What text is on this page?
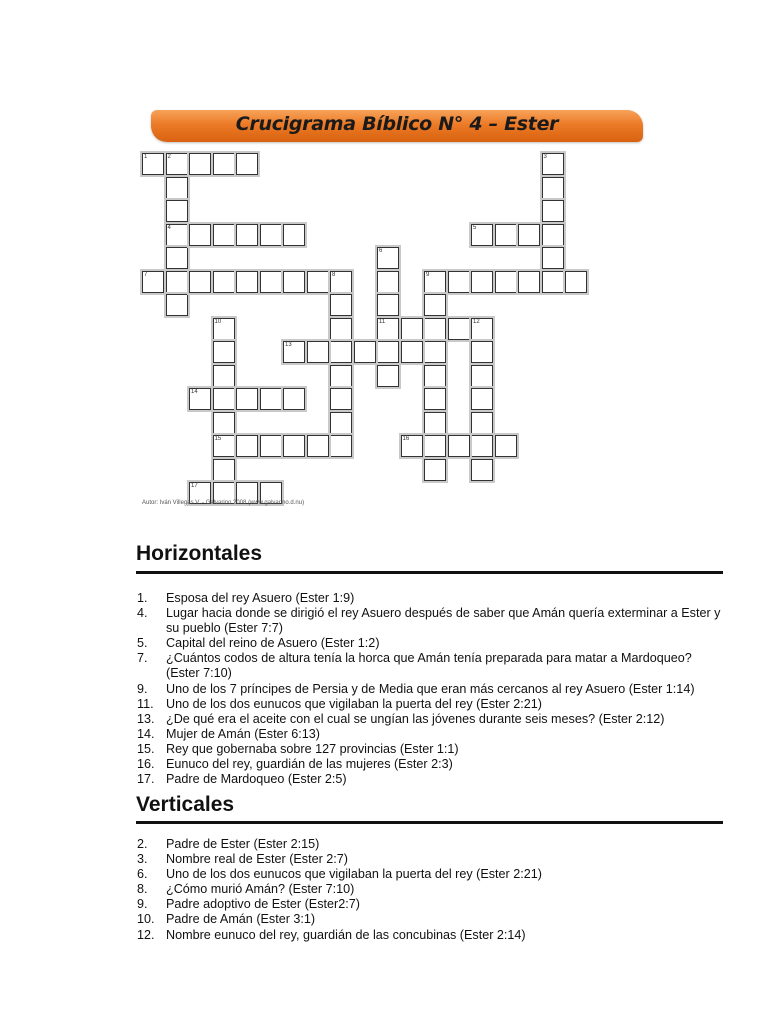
Crucigrama Bíblico N° 4 – Ester
1	2
4
3
5
6
11
7	8	9
10
15
12
13
14
16
17
Autor: Iván Villegas V. - Galvarino 2008 (www.galvarino.d.nu)
Horizontales
1.	Esposa del rey Asuero (Ester 1:9)
4.	Lugar hacia donde se dirigió el rey Asuero después de saber que Amán quería exterminar a Ester y su pueblo (Ester 7:7)
5.	Capital del reino de Asuero (Ester 1:2)
7.	¿Cuántos codos de altura tenía la horca que Amán tenía preparada para matar a Mardoqueo? (Ester 7:10)
9.	Uno de los 7 príncipes de Persia y de Media que eran más cercanos al rey Asuero (Ester 1:14)
11. Uno de los dos eunucos que vigilaban la puerta del rey (Ester 2:21)
13. ¿De qué era el aceite con el cual se ungían las jóvenes durante seis meses? (Ester 2:12)
14. Mujer de Amán (Ester 6:13)
15. Rey que gobernaba sobre 127 provincias (Ester 1:1)
16. Eunuco del rey, guardián de las mujeres (Ester 2:3)
17. Padre de Mardoqueo (Ester 2:5)
Verticales
2.	Padre de Ester (Ester 2:15)
3.	Nombre real de Ester (Ester 2:7)
6.	Uno de los dos eunucos que vigilaban la puerta del rey (Ester 2:21)
8.	¿Cómo murió Amán? (Ester 7:10)
9.	Padre adoptivo de Ester (Ester2:7)
10. Padre de Amán (Ester 3:1)
12. Nombre eunuco del rey, guardián de las concubinas (Ester 2:14)
